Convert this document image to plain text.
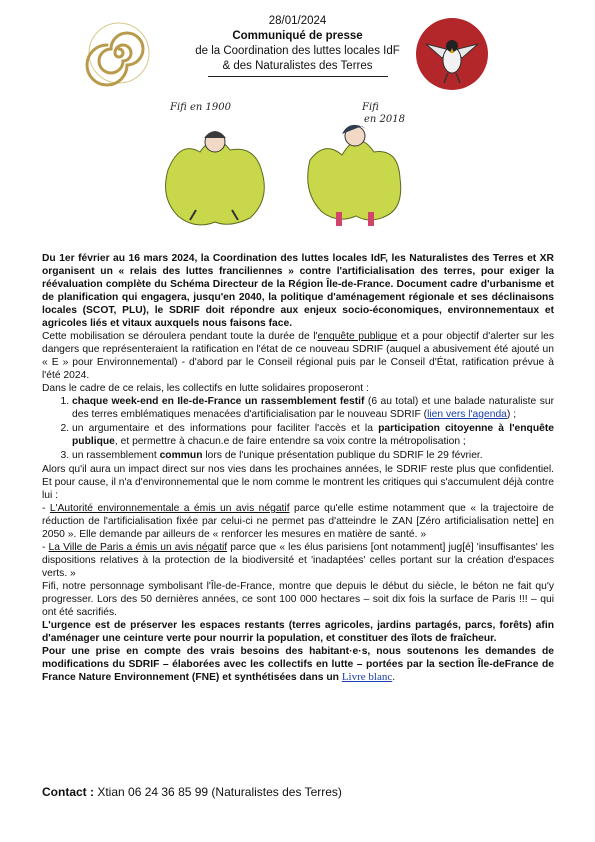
28/01/2024
Communiqué de presse
de la Coordination des luttes locales IdF
& des Naturalistes des Terres
Fifi en 1900	Fifi
en 2018

Du 1er février au 16 mars 2024, la Coordination des luttes locales IdF, les Naturalistes des Terres et XR organisent un « relais des luttes franciliennes » contre l'artificialisation des terres, pour exiger la réévaluation complète du Schéma Directeur de la Région Île-de-France. Document cadre d'urbanisme et de planification qui engagera, jusqu'en 2040, la politique d'aménagement régionale et ses déclinaisons locales (SCOT, PLU), le SDRIF doit répondre aux enjeux socio-économiques, environnementaux et agricoles liés et vitaux auxquels nous faisons face.

Cette mobilisation se déroulera pendant toute la durée de l'enquête publique et a pour objectif d'alerter sur les dangers que représenteraient la ratification en l'état de ce nouveau SDRIF (auquel a abusivement été ajouté un « E » pour Environnemental) - d'abord par le Conseil régional puis par le Conseil d'État, ratification prévue à l'été 2024.

Dans le cadre de ce relais, les collectifs en lutte solidaires proposeront :

1. chaque week-end en Ile-de-France un rassemblement festif (6 au total) et une balade naturaliste sur des terres emblématiques menacées d'artificialisation par le nouveau SDRIF (lien vers l'agenda) ;
2. un argumentaire et des informations pour faciliter l'accès et la participation citoyenne à l'enquête publique, et permettre à chacun.e de faire entendre sa voix contre la métropolisation ;
3. un rassemblement commun lors de l'unique présentation publique du SDRIF le 29 février.

Alors qu'il aura un impact direct sur nos vies dans les prochaines années, le SDRIF reste plus que confidentiel. Et pour cause, il n'a d'environnemental que le nom comme le montrent les critiques qui s'accumulent déjà contre lui :

- L'Autorité environnementale a émis un avis négatif parce qu'elle estime notamment que « la trajectoire de réduction de l'artificialisation fixée par celui-ci ne permet pas d'atteindre le ZAN [Zéro artificialisation nette] en 2050 ». Elle demande par ailleurs de « renforcer les mesures en matière de santé. »

- La Ville de Paris a émis un avis négatif parce que « les élus parisiens [ont notamment] jug[é] 'insuffisantes' les dispositions relatives à la protection de la biodiversité et 'inadaptées' celles portant sur la création d'espaces verts. »

Fifi, notre personnage symbolisant l'Île-de-France, montre que depuis le début du siècle, le béton ne fait qu'y progresser. Lors des 50 dernières années, ce sont 100 000 hectares – soit dix fois la surface de Paris !!! – qui ont été sacrifiés.

L'urgence est de préserver les espaces restants (terres agricoles, jardins partagés, parcs, forêts) afin d'aménager une ceinture verte pour nourrir la population, et constituer des îlots de fraîcheur.

Pour une prise en compte des vrais besoins des habitant·e·s, nous soutenons les demandes de modifications du SDRIF – élaborées avec les collectifs en lutte – portées par la section Île-deFrance de France Nature Environnement (FNE) et synthétisées dans un Livre blanc.

Contact : Xtian 06 24 36 85 99 (Naturalistes des Terres)
